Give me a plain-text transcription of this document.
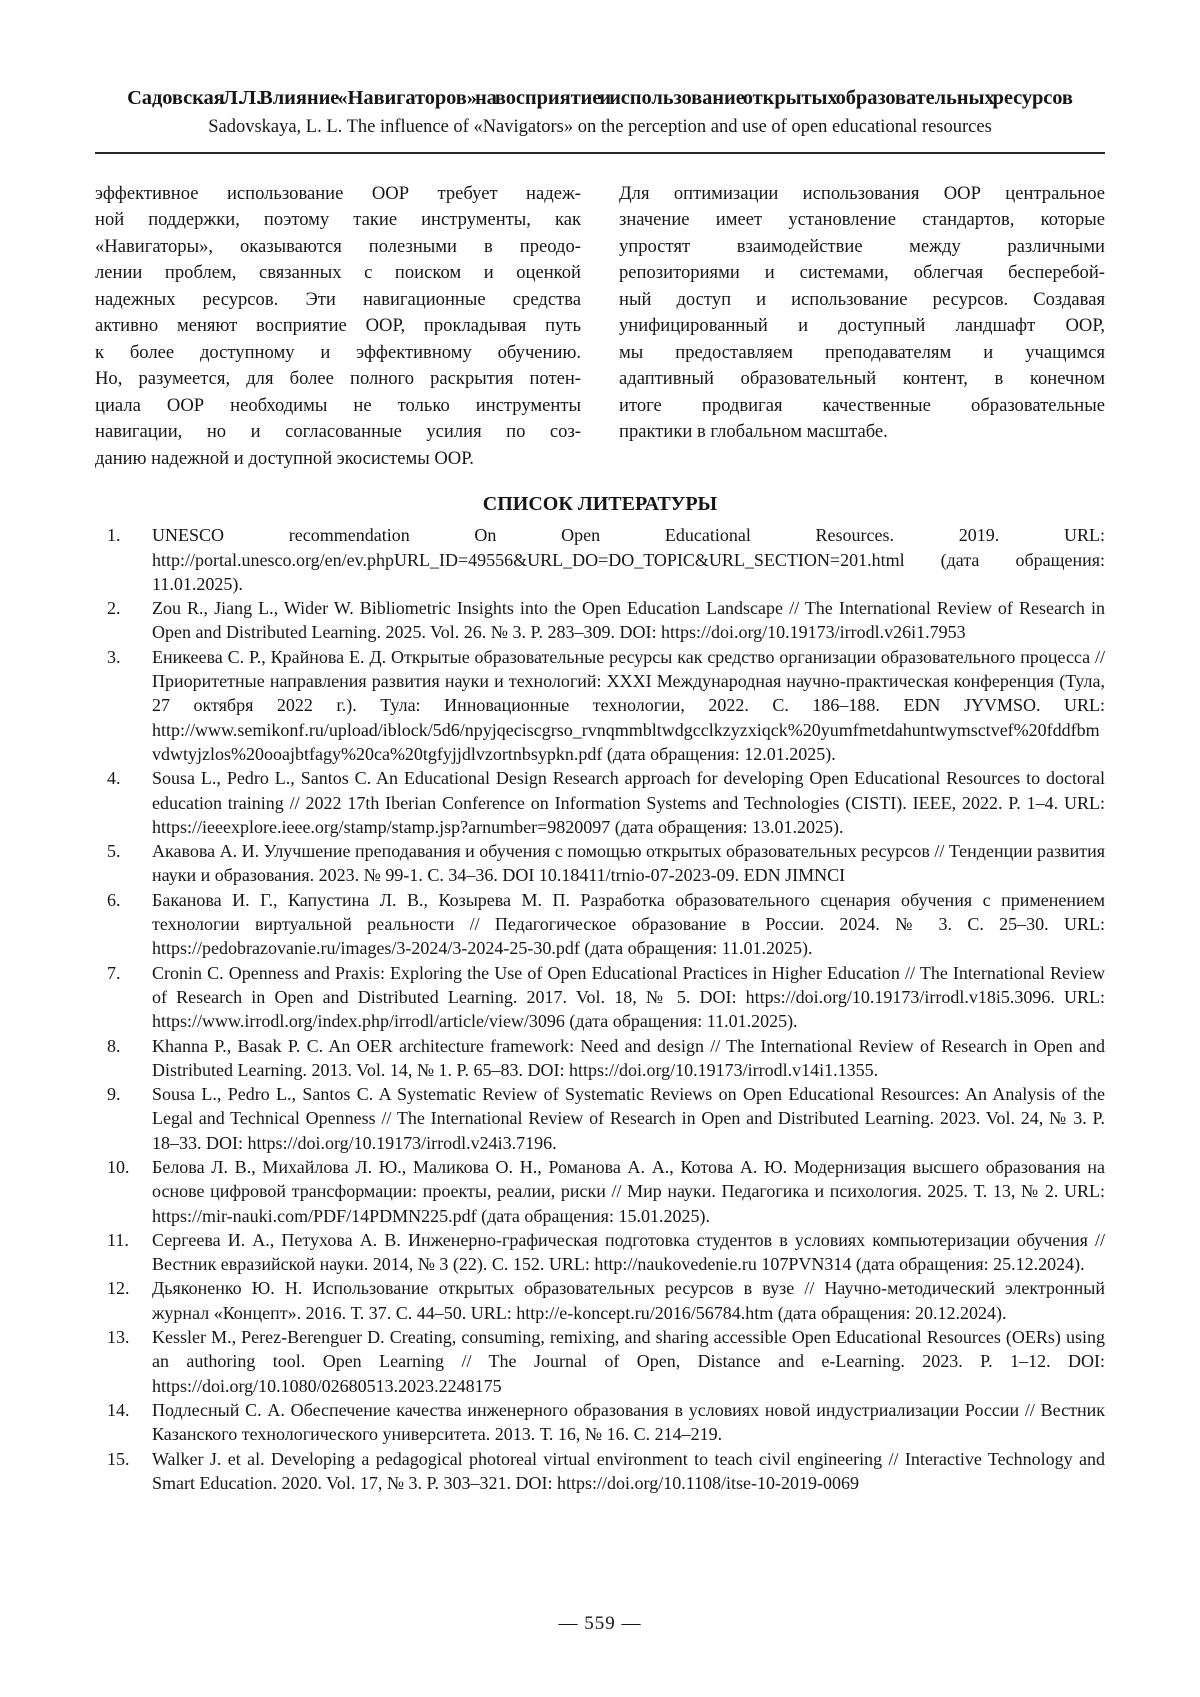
Садовская Л. Л. Влияние «Навигаторов» на восприятие и использование открытых образовательных ресурсов
Sadovskaya, L. L. The influence of «Navigators» on the perception and use of open educational resources
эффективное использование ООР требует надеж-
ной поддержки, поэтому такие инструменты, как
«Навигаторы», оказываются полезными в преодо-
лении проблем, связанных с поиском и оценкой
надежных ресурсов. Эти навигационные средства
активно меняют восприятие ООР, прокладывая путь
к более доступному и эффективному обучению.
Но, разумеется, для более полного раскрытия потен-
циала ООР необходимы не только инструменты
навигации, но и согласованные усилия по соз-
данию надежной и доступной экосистемы ООР.
Для оптимизации использования ООР центральное
значение имеет установление стандартов, которые
упростят взаимодействие между различными
репозиториями и системами, облегчая бесперебой-
ный доступ и использование ресурсов. Создавая
унифицированный и доступный ландшафт ООР,
мы предоставляем преподавателям и учащимся
адаптивный образовательный контент, в конечном
итоге продвигая качественные образовательные
практики в глобальном масштабе.
СПИСОК ЛИТЕРАТУРЫ
1.	UNESCO recommendation On Open Educational Resources. 2019. URL: http://portal.unesco.org/en/ev.phpURL_ID=49556&URL_DO=DO_TOPIC&URL_SECTION=201.html (дата обращения: 11.01.2025).
2.	Zou R., Jiang L., Wider W. Bibliometric Insights into the Open Education Landscape // The International Review of Research in Open and Distributed Learning. 2025. Vol. 26. № 3. P. 283–309. DOI: https://doi.org/10.19173/irrodl.v26i1.7953
3.	Еникеева С. Р., Крайнова Е. Д. Открытые образовательные ресурсы как средство организации образовательного процесса // Приоритетные направления развития науки и технологий: XXXI Международная научно-практическая конференция (Тула, 27 октября 2022 г.). Тула: Инновационные технологии, 2022. С. 186–188. EDN JYVMSO. URL: http://www.semikonf.ru/upload/iblock/5d6/npyjqeciscgrso_rvnqmmbltwdgcclkzyzxiqck%20yumfmetdahuntwymsctvef%20fddfbmvdwtyjzlos%20ooajbtfagy%20ca%20tgfyjjdlvzortnbsypkn.pdf (дата обращения: 12.01.2025).
4.	Sousa L., Pedro L., Santos C. An Educational Design Research approach for developing Open Educational Resources to doctoral education training // 2022 17th Iberian Conference on Information Systems and Technologies (CISTI). IEEE, 2022. P. 1–4. URL: https://ieeexplore.ieee.org/stamp/stamp.jsp?arnumber=9820097 (дата обращения: 13.01.2025).
5.	Акавова А. И. Улучшение преподавания и обучения с помощью открытых образовательных ресурсов // Тенденции развития науки и образования. 2023. № 99-1. С. 34–36. DOI 10.18411/trnio-07-2023-09. EDN JIMNCI
6.	Баканова И. Г., Капустина Л. В., Козырева М. П. Разработка образовательного сценария обучения с применением технологии виртуальной реальности // Педагогическое образование в России. 2024. № 3. С. 25–30. URL: https://pedobrazovanie.ru/images/3-2024/3-2024-25-30.pdf (дата обращения: 11.01.2025).
7.	Cronin C. Openness and Praxis: Exploring the Use of Open Educational Practices in Higher Education // The International Review of Research in Open and Distributed Learning. 2017. Vol. 18, № 5. DOI: https://doi.org/10.19173/irrodl.v18i5.3096. URL: https://www.irrodl.org/index.php/irrodl/article/view/3096 (дата обращения: 11.01.2025).
8.	Khanna P., Basak P. C. An OER architecture framework: Need and design // The International Review of Research in Open and Distributed Learning. 2013. Vol. 14, № 1. P. 65–83. DOI: https://doi.org/10.19173/irrodl.v14i1.1355.
9.	Sousa L., Pedro L., Santos C. A Systematic Review of Systematic Reviews on Open Educational Resources: An Analysis of the Legal and Technical Openness // The International Review of Research in Open and Distributed Learning. 2023. Vol. 24, № 3. P. 18–33. DOI: https://doi.org/10.19173/irrodl.v24i3.7196.
10.	Белова Л. В., Михайлова Л. Ю., Маликова О. Н., Романова А. А., Котова А. Ю. Модернизация высшего образования на основе цифровой трансформации: проекты, реалии, риски // Мир науки. Педагогика и психология. 2025. Т. 13, № 2. URL: https://mir-nauki.com/PDF/14PDMN225.pdf (дата обращения: 15.01.2025).
11.	Сергеева И. А., Петухова А. В. Инженерно-графическая подготовка студентов в условиях компьютеризации обучения // Вестник евразийской науки. 2014, № 3 (22). С. 152. URL: http://naukovedenie.ru 107PVN314 (дата обращения: 25.12.2024).
12.	Дьяконенко Ю. Н. Использование открытых образовательных ресурсов в вузе // Научно-методический электронный журнал «Концепт». 2016. Т. 37. С. 44–50. URL: http://e-koncept.ru/2016/56784.htm (дата обращения: 20.12.2024).
13.	Kessler M., Perez-Berenguer D. Creating, consuming, remixing, and sharing accessible Open Educational Resources (OERs) using an authoring tool. Open Learning // The Journal of Open, Distance and e-Learning. 2023. P. 1–12. DOI: https://doi.org/10.1080/02680513.2023.2248175
14.	Подлесный С. А. Обеспечение качества инженерного образования в условиях новой индустриализации России // Вестник Казанского технологического университета. 2013. Т. 16, № 16. С. 214–219.
15.	Walker J. et al. Developing a pedagogical photoreal virtual environment to teach civil engineering // Interactive Technology and Smart Education. 2020. Vol. 17, № 3. P. 303–321. DOI: https://doi.org/10.1108/itse-10-2019-0069
— 559 —
